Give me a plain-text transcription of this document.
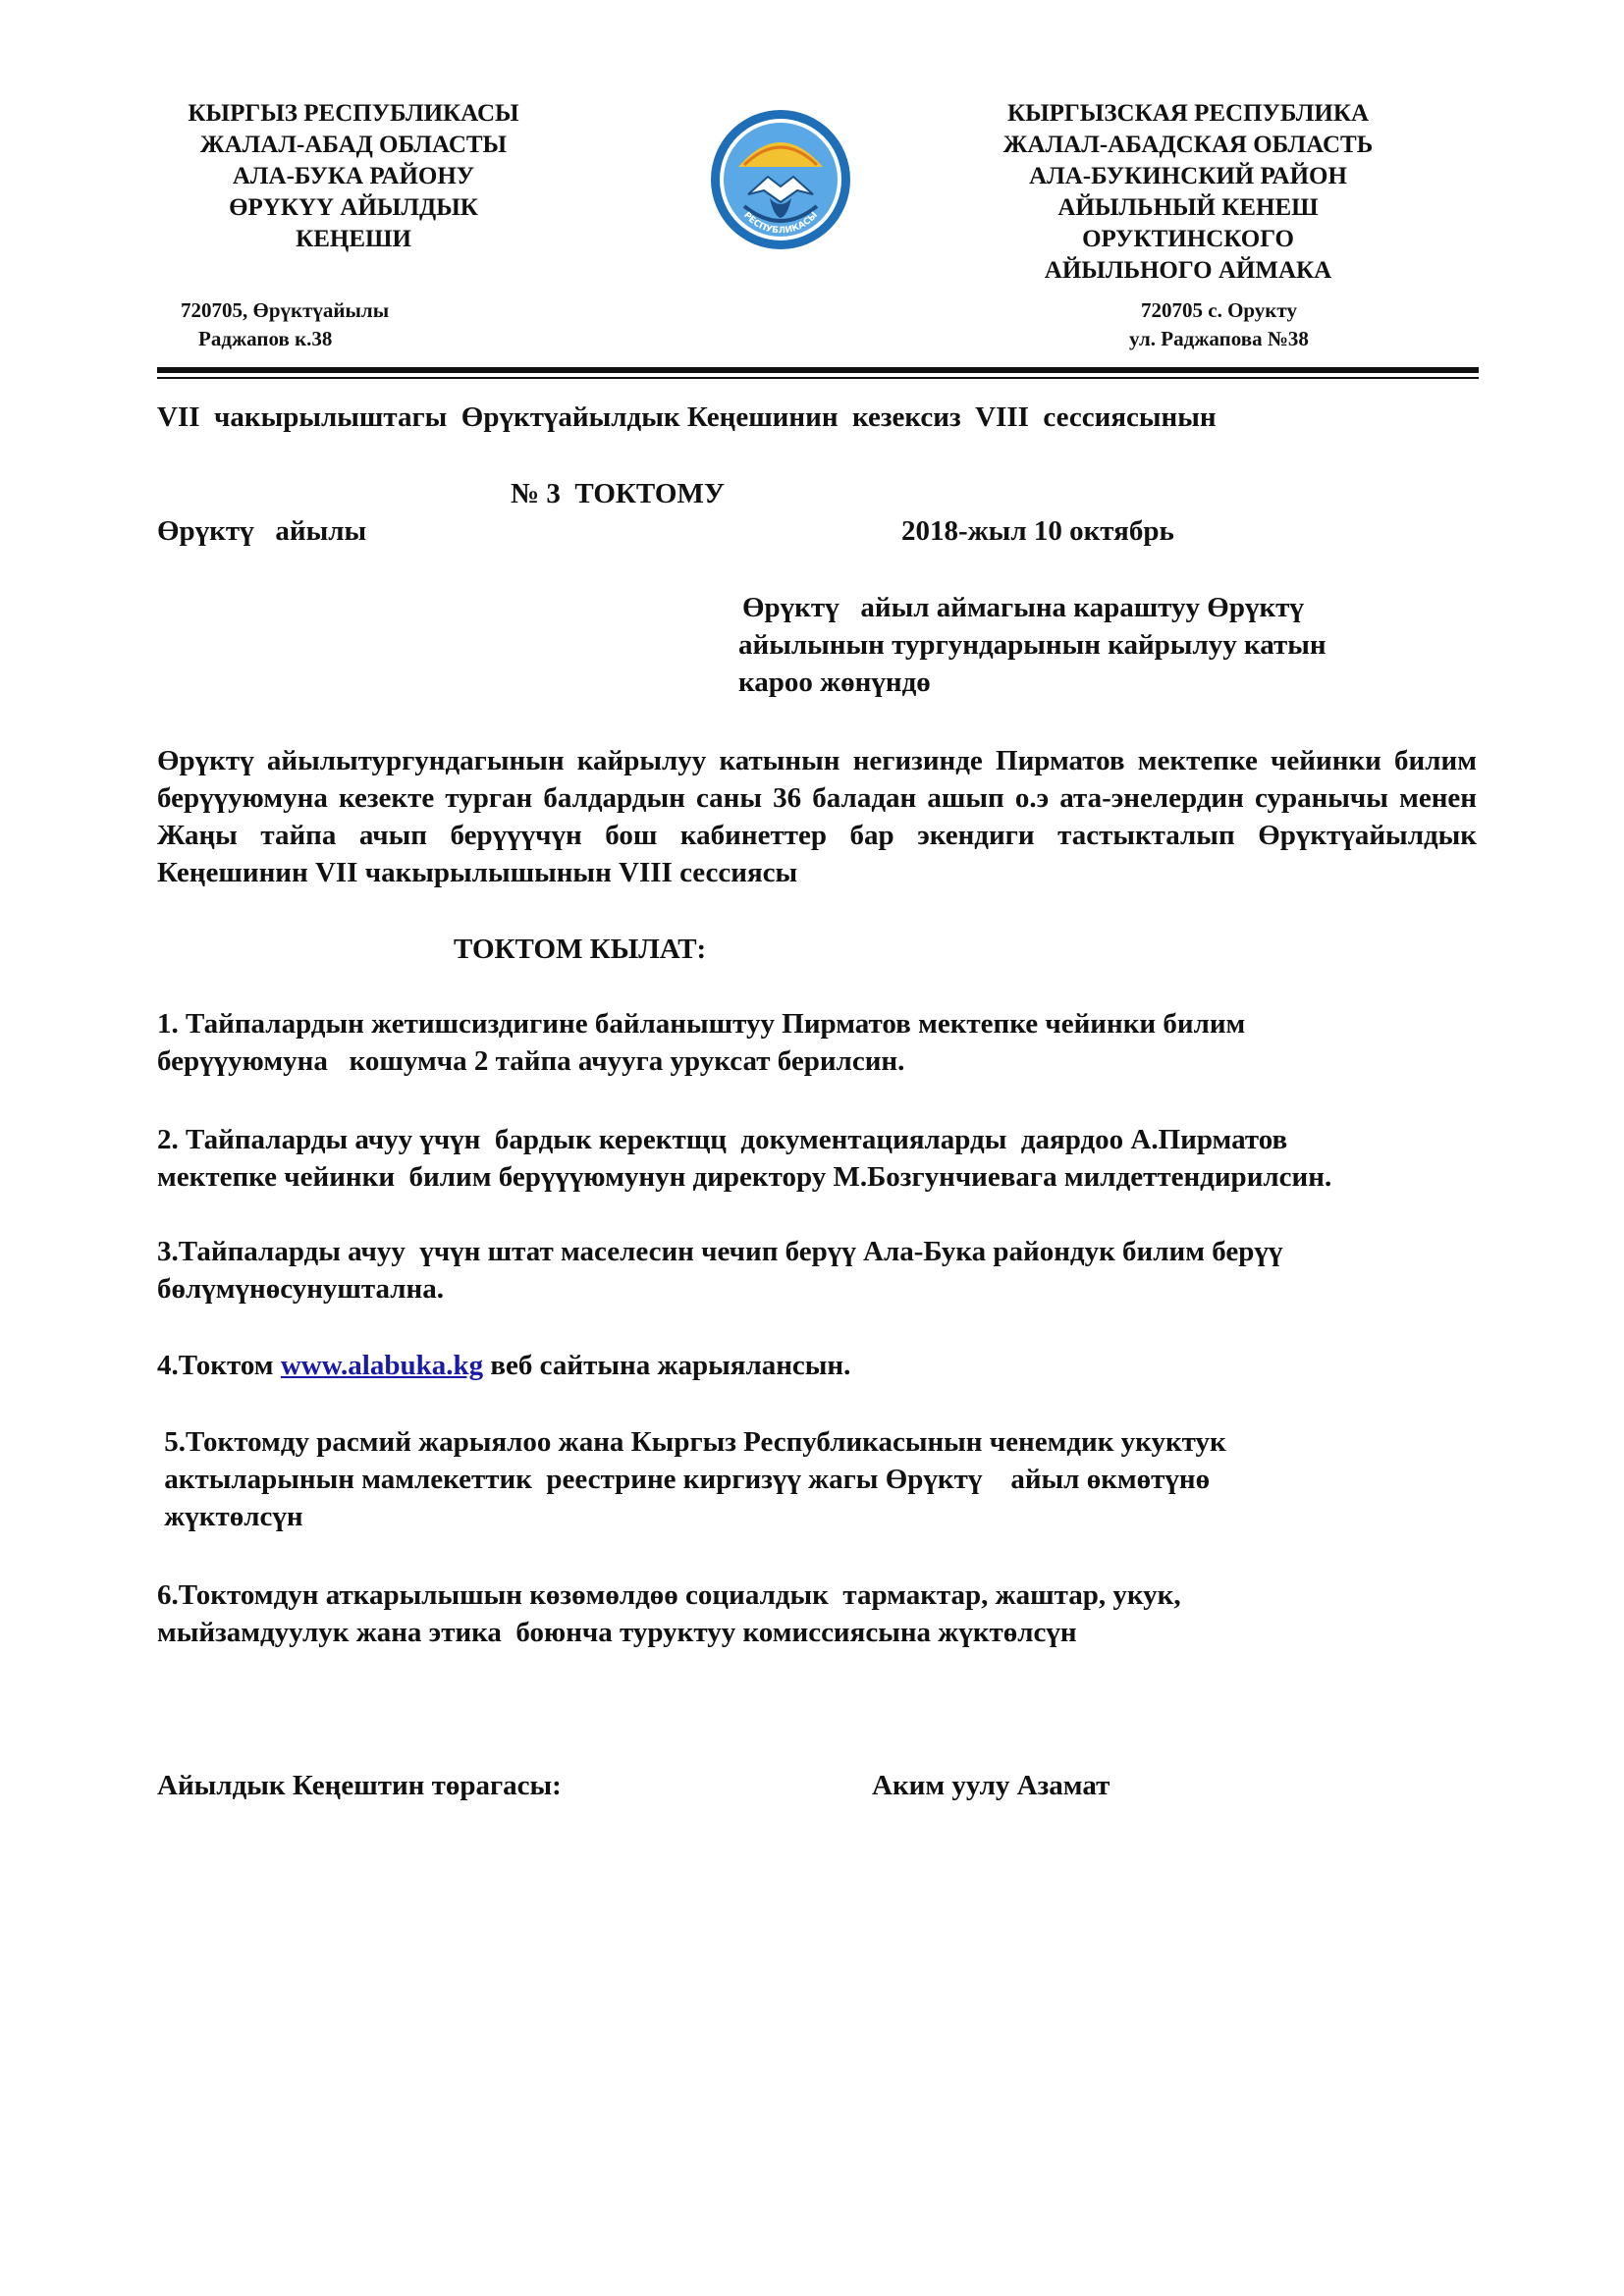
КЫРГЫЗ РЕСПУБЛИКАСЫ
ЖАЛАЛ-АБАД ОБЛАСТЫ
АЛА-БУКА РАЙОНУ
ӨРҮКҮҮ АЙЫЛДЫК
КЕҢЕШИ
РЕСПУБЛИКАСЫ
КЫРГЫЗСКАЯ РЕСПУБЛИКА
ЖАЛАЛ-АБАДСКАЯ ОБЛАСТЬ
АЛА-БУКИНСКИЙ РАЙОН
АЙЫЛЬНЫЙ КЕНЕШ
ОРУКТИНСКОГО
АЙЫЛЬНОГО АЙМАКА
720705, Өрүктүайылы
Раджапов к.38
720705 с. Орукту
ул. Раджапова №38
VII  чакырылыштагы  Өрүктүайылдык Кеңешинин  кезексиз  VIII  сессиясынын
№ 3  ТОКТОМУ
Өрүктү   айылы	2018-жыл 10 октябрь
Өрүктү   айыл аймагына караштуу Өрүктү
айылынын тургундарынын кайрылуу катын
кароо жөнүндө
Өрүктү айылытургундагынын кайрылуу катынын негизинде Пирматов мектепке чейинки билим берүүуюмуна кезекте турган балдардын саны 36 баладан ашып о.э ата-энелердин суранычы менен Жаңы тайпа ачып берүүүчүн бош кабинеттер бар экендиги тастыкталып Өрүктүайылдык Кеңешинин VII чакырылышынын VIII сессиясы
ТОКТОМ КЫЛАТ:
1. Тайпалардын жетишсиздигине байланыштуу Пирматов мектепке чейинки билим
берүүуюмуна   кошумча 2 тайпа ачууга уруксат берилсин.
2. Тайпаларды ачуу үчүн  бардык керектщц  документацияларды  даярдоо А.Пирматов
мектепке чейинки  билим берүүүюмунун директору М.Бозгунчиевага милдеттендирилсин.
3.Тайпаларды ачуу  үчүн штат маселесин чечип берүү Ала-Бука райондук билим берүү
бөлүмүнөсунуштална.
4.Токтом www.alabuka.kg веб сайтына жарыялансын.
5.Токтомду расмий жарыялоо жана Кыргыз Республикасынын ченемдик укуктук
актыларынын мамлекеттик  реестрине киргизүү жагы Өрүктү    айыл өкмөтүнө
жүктөлсүн
6.Токтомдун аткарылышын көзөмөлдөө социалдык  тармактар, жаштар, укук,
мыйзамдуулук жана этика  боюнча туруктуу комиссиясына жүктөлсүн
Айылдык Кеңештин төрагасы:	Аким уулу Азамат
